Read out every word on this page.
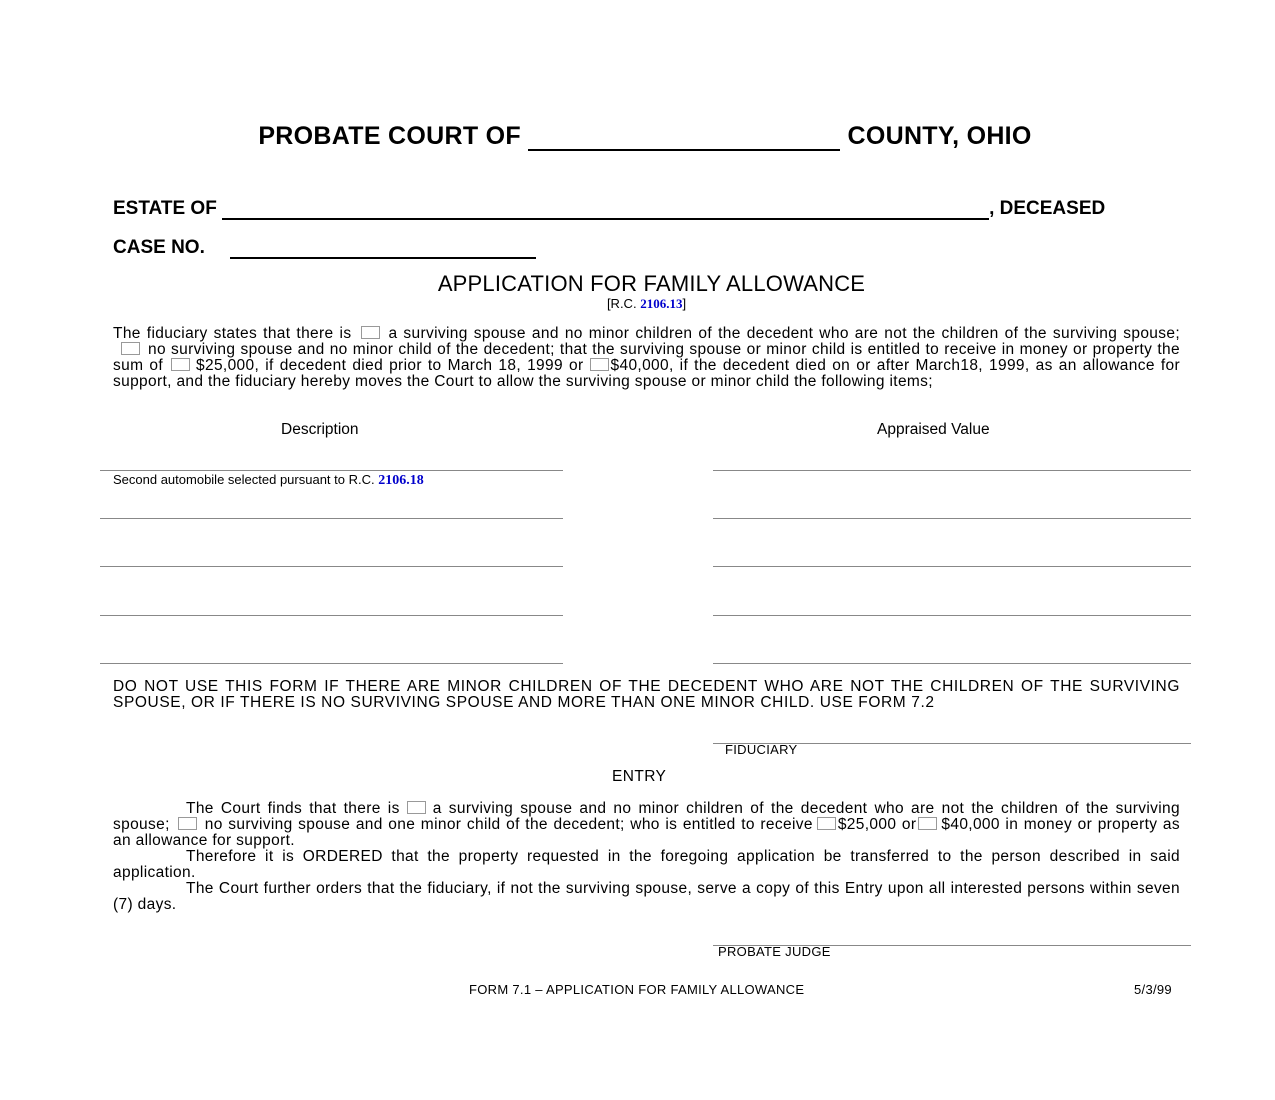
PROBATE COURT OF	COUNTY, OHIO
ESTATE OF	, DECEASED
CASE NO.
APPLICATION FOR FAMILY ALLOWANCE
[R.C. 2106.13]
The fiduciary states that there is a surviving spouse and no minor children of the decedent who are not the children of the surviving spouse;no surviving spouse and no minor child of the decedent; that the surviving spouse or minor child is entitled to receive in money or property the sum of $25,000, if decedent died prior to March 18, 1999 or $40,000, if the decedent died on or after March18, 1999, as an allowance for support, and the fiduciary hereby moves the Court to allow the surviving spouse or minor child the following items;
Description	Appraised Value
Second automobile selected pursuant to R.C. 2106.18
DO NOT USE THIS FORM IF THERE ARE MINOR CHILDREN OF THE DECEDENT WHO ARE NOT THE CHILDREN OF THE SURVIVING SPOUSE, OR IF THERE IS NO SURVIVING SPOUSE AND MORE THAN ONE MINOR CHILD. USE FORM 7.2
FIDUCIARY
ENTRY
The Court finds that there is a surviving spouse and no minor children of the decedent who are not the children of the surviving spouse; no surviving spouse and one minor child of the decedent; who is entitled to receive $25,000 or $40,000 in money or property as an allowance for support.
Therefore it is ORDERED that the property requested in the foregoing application be transferred to the person described in said application.
The Court further orders that the fiduciary, if not the surviving spouse, serve a copy of this Entry upon all interested persons within seven (7) days.
PROBATE JUDGE
FORM 7.1 – APPLICATION FOR FAMILY ALLOWANCE	5/3/99
